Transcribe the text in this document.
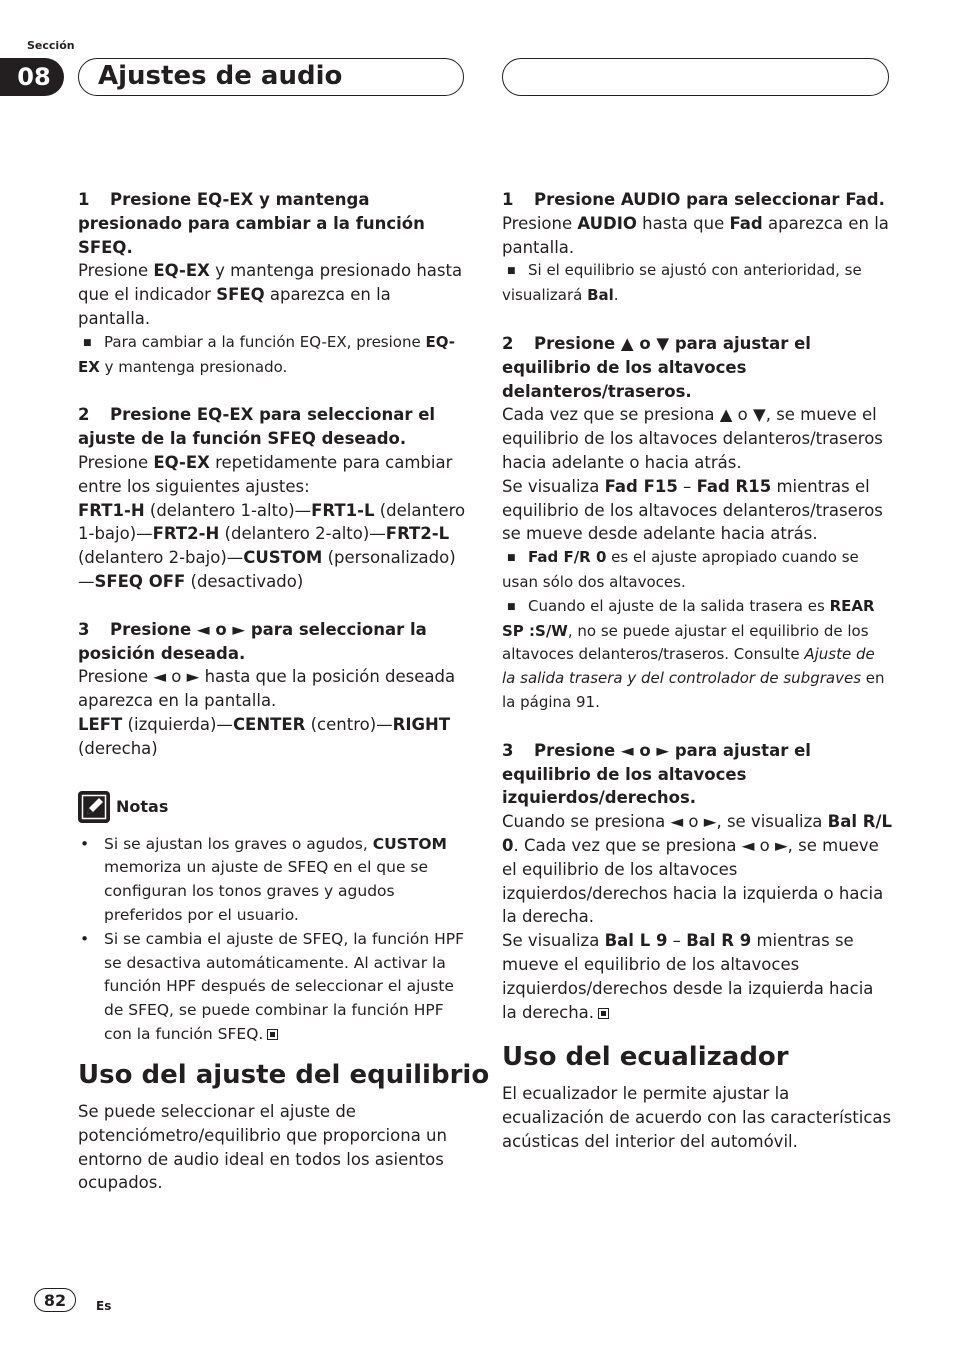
Sección
08	Ajustes de audio

1 Presione EQ-EX y mantenga presionado para cambiar a la función SFEQ.

Presione EQ-EX y mantenga presionado hasta que el indicador SFEQ aparezca en la pantalla.

■ Para cambiar a la función EQ-EX, presione EQ-EX y mantenga presionado.

2 Presione EQ-EX para seleccionar el ajuste de la función SFEQ deseado.

Presione EQ-EX repetidamente para cambiar entre los siguientes ajustes:

FRT1-H (delantero 1-alto)—FRT1-L (delantero 1-bajo)—FRT2-H (delantero 2-alto)—FRT2-L (delantero 2-bajo)—CUSTOM (personalizado) —SFEQ OFF (desactivado)

3 Presione ◄ o ► para seleccionar la posición deseada.

Presione ◄ o ► hasta que la posición deseada aparezca en la pantalla.

LEFT (izquierda)—CENTER (centro)—RIGHT (derecha)

Notas
• Si se ajustan los graves o agudos, CUSTOM memoriza un ajuste de SFEQ en el que se configuran los tonos graves y agudos preferidos por el usuario.
• Si se cambia el ajuste de SFEQ, la función HPF se desactiva automáticamente. Al activar la función HPF después de seleccionar el ajuste de SFEQ, se puede combinar la función HPF con la función SFEQ.
Uso del ajuste del equilibrio

Se puede seleccionar el ajuste de potenciómetro/equilibrio que proporciona un entorno de audio ideal en todos los asientos ocupados.

1 Presione AUDIO para seleccionar Fad.

Presione AUDIO hasta que Fad aparezca en la pantalla.

■ Si el equilibrio se ajustó con anterioridad, se visualizará Bal.

2 Presione ▲ o ▼ para ajustar el equilibrio de los altavoces delanteros/traseros.

Cada vez que se presiona ▲ o ▼, se mueve el equilibrio de los altavoces delanteros/traseros hacia adelante o hacia atrás.

Se visualiza Fad F15 – Fad R15 mientras el equilibrio de los altavoces delanteros/traseros se mueve desde adelante hacia atrás.

■ Fad F/R 0 es el ajuste apropiado cuando se usan sólo dos altavoces.

■ Cuando el ajuste de la salida trasera es REAR SP :S/W, no se puede ajustar el equilibrio de los altavoces delanteros/traseros. Consulte Ajuste de la salida trasera y del controlador de subgraves en la página 91.

3 Presione ◄ o ► para ajustar el equilibrio de los altavoces izquierdos/derechos.

Cuando se presiona ◄ o ►, se visualiza Bal R/L 0. Cada vez que se presiona ◄ o ►, se mueve el equilibrio de los altavoces izquierdos/derechos hacia la izquierda o hacia la derecha.

Se visualiza Bal L 9 – Bal R 9 mientras se mueve el equilibrio de los altavoces izquierdos/derechos desde la izquierda hacia la derecha.

Uso del ecualizador

El ecualizador le permite ajustar la ecualización de acuerdo con las características acústicas del interior del automóvil.

82	Es
